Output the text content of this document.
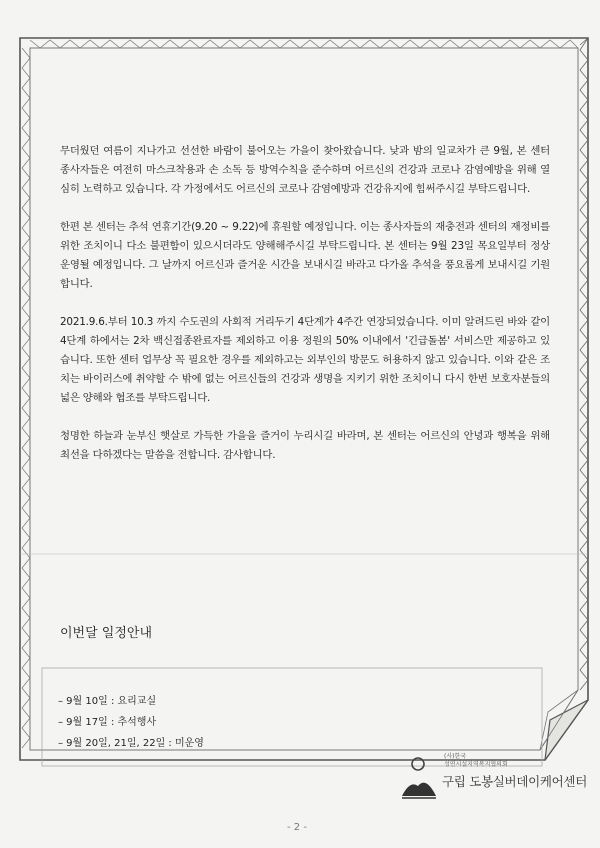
무더웠던 여름이 지나가고 선선한 바람이 불어오는 가을이 찾아왔습니다. 낮과 밤의 일교차가 큰 9월, 본 센터 종사자들은 여전히 마스크착용과 손 소독 등 방역수칙을 준수하며 어르신의 건강과 코로나 감염예방을 위해 열심히 노력하고 있습니다. 각 가정에서도 어르신의 코로나 감염예방과 건강유지에 힘써주시길 부탁드립니다.

한편 본 센터는 추석 연휴기간(9.20 ~ 9.22)에 휴원할 예정입니다. 이는 종사자들의 재충전과 센터의 재정비를 위한 조치이니 다소 불편함이 있으시더라도 양해해주시길 부탁드립니다. 본 센터는 9월 23일 목요일부터 정상 운영될 예정입니다. 그 날까지 어르신과 즐거운 시간을 보내시길 바라고 다가올 추석을 풍요롭게 보내시길 기원합니다.

2021.9.6.부터 10.3 까지 수도권의 사회적 거리두기 4단계가 4주간 연장되었습니다. 이미 알려드린 바와 같이 4단계 하에서는 2차 백신접종완료자를 제외하고 이용 정원의 50% 이내에서 '긴급돌봄' 서비스만 제공하고 있습니다. 또한 센터 업무상 꼭 필요한 경우를 제외하고는 외부인의 방문도 허용하지 않고 있습니다. 이와 같은 조치는 바이러스에 취약할 수 밖에 없는 어르신들의 건강과 생명을 지키기 위한 조치이니 다시 한번 보호자분들의 넓은 양해와 협조를 부탁드립니다.

청명한 하늘과 눈부신 햇살로 가득한 가을을 즐거이 누리시길 바라며, 본 센터는 어르신의 안녕과 행복을 위해 최선을 다하겠다는 말씀을 전합니다. 감사합니다.

이번달 일정안내
– 9월 10일 : 요리교실
– 9월 17일 : 추석행사
– 9월 20일, 21일, 22일 : 미운영
(사)한국
성연시설지역복지협의회
구립 도봉실버데이케어센터
- 2 -
